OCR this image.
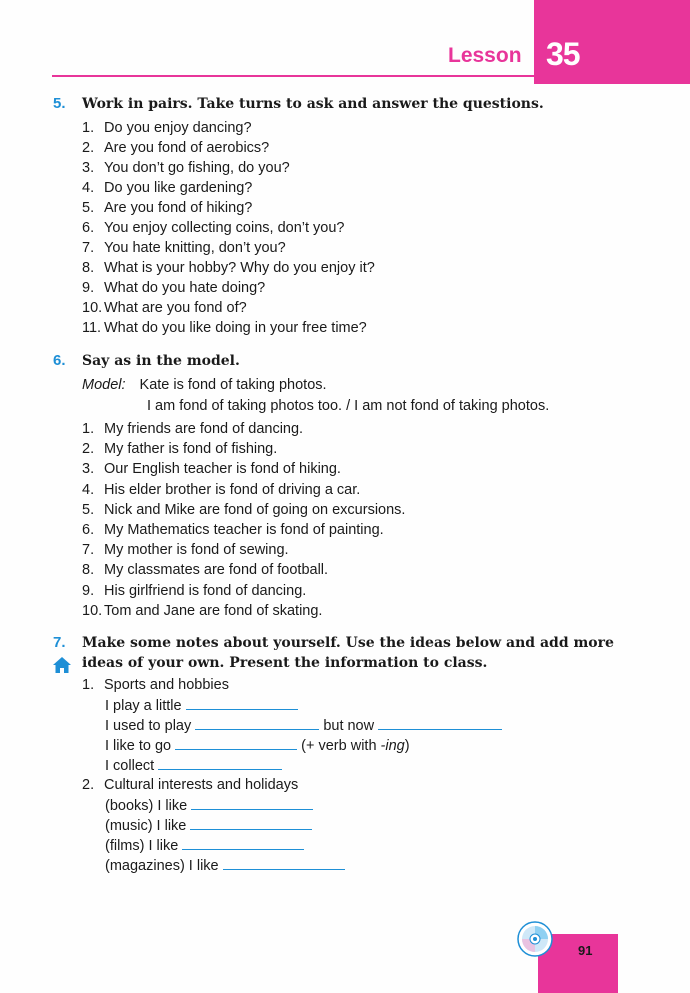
Lesson 35
5. Work in pairs. Take turns to ask and answer the questions.
1. Do you enjoy dancing?
2. Are you fond of aerobics?
3. You don’t go fishing, do you?
4. Do you like gardening?
5. Are you fond of hiking?
6. You enjoy collecting coins, don’t you?
7. You hate knitting, don’t you?
8. What is your hobby? Why do you enjoy it?
9. What do you hate doing?
10. What are you fond of?
11. What do you like doing in your free time?
6. Say as in the model.
Model: Kate is fond of taking photos.
I am fond of taking photos too. / I am not fond of taking photos.
1. My friends are fond of dancing.
2. My father is fond of fishing.
3. Our English teacher is fond of hiking.
4. His elder brother is fond of driving a car.
5. Nick and Mike are fond of going on excursions.
6. My Mathematics teacher is fond of painting.
7. My mother is fond of sewing.
8. My classmates are fond of football.
9. His girlfriend is fond of dancing.
10. Tom and Jane are fond of skating.
7. Make some notes about yourself. Use the ideas below and add more
ideas of your own. Present the information to class.
1. Sports and hobbies
I play a little
I used to play	but now
I like to go	(+ verb with -ing)
I collect
2. Cultural interests and holidays
(books) I like
(music) I like
(films) I like
(magazines) I like
91
